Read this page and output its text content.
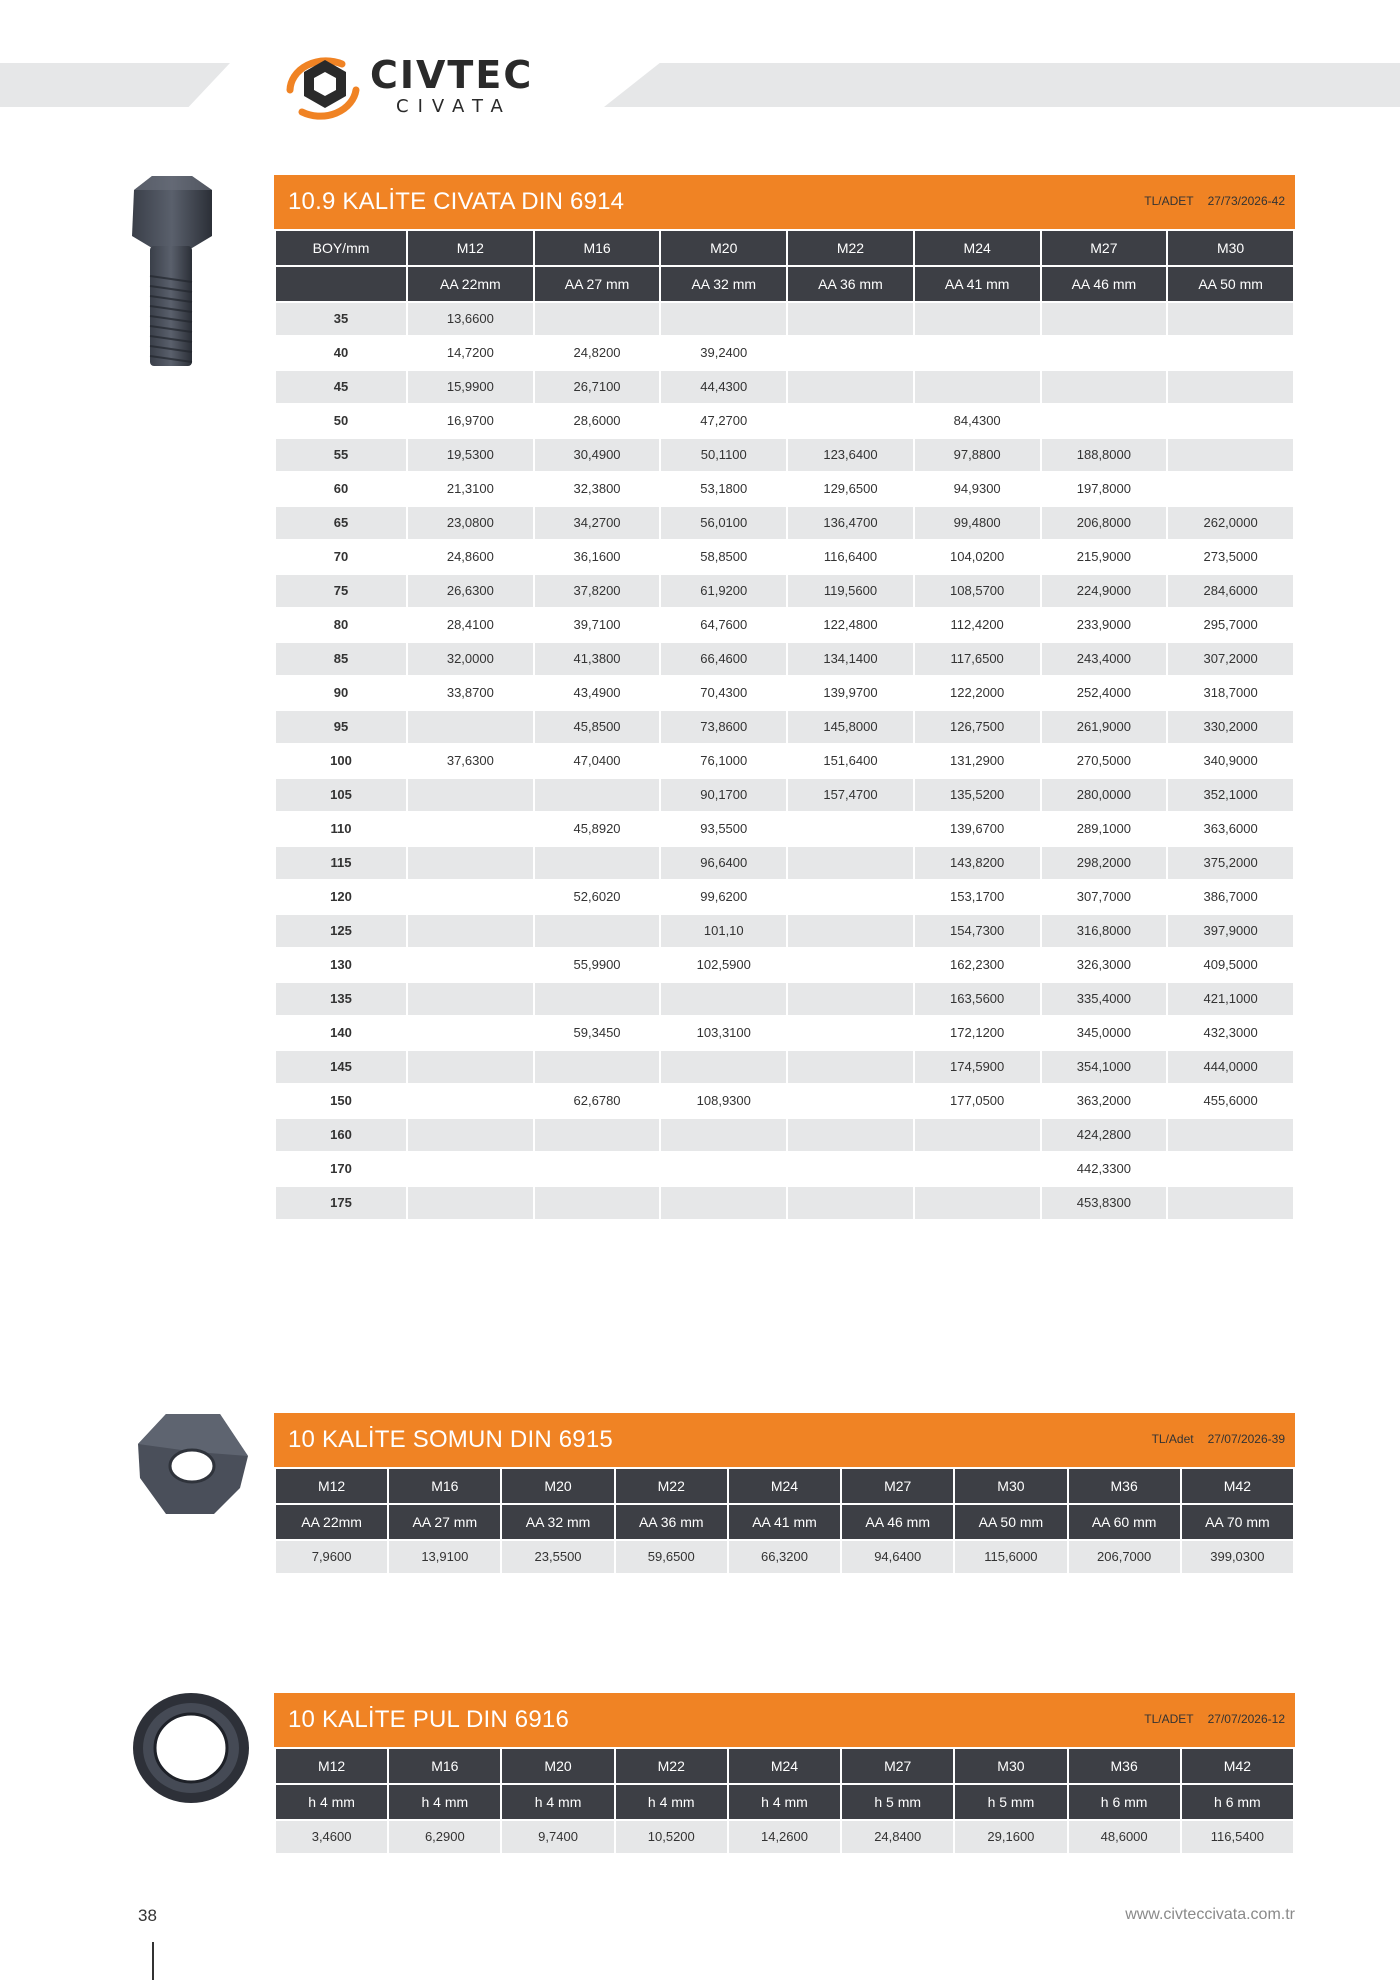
CIVTEC
CIVATA
10.9 KALİTE CIVATA DIN 6914	TL/ADET 27/73/2026-42
BOY/mm	M12	M16	M20	M22	M24	M27	M30
	AA 22mm	AA 27 mm	AA 32 mm	AA 36 mm	AA 41 mm	AA 46 mm	AA 50 mm
35	13,6600						
40	14,7200	24,8200	39,2400				
45	15,9900	26,7100	44,4300				
50	16,9700	28,6000	47,2700		84,4300		
55	19,5300	30,4900	50,1100	123,6400	97,8800	188,8000	
60	21,3100	32,3800	53,1800	129,6500	94,9300	197,8000	
65	23,0800	34,2700	56,0100	136,4700	99,4800	206,8000	262,0000
70	24,8600	36,1600	58,8500	116,6400	104,0200	215,9000	273,5000
75	26,6300	37,8200	61,9200	119,5600	108,5700	224,9000	284,6000
80	28,4100	39,7100	64,7600	122,4800	112,4200	233,9000	295,7000
85	32,0000	41,3800	66,4600	134,1400	117,6500	243,4000	307,2000
90	33,8700	43,4900	70,4300	139,9700	122,2000	252,4000	318,7000
95		45,8500	73,8600	145,8000	126,7500	261,9000	330,2000
100	37,6300	47,0400	76,1000	151,6400	131,2900	270,5000	340,9000
105			90,1700	157,4700	135,5200	280,0000	352,1000
110		45,8920	93,5500		139,6700	289,1000	363,6000
115			96,6400		143,8200	298,2000	375,2000
120		52,6020	99,6200		153,1700	307,7000	386,7000
125			101,10		154,7300	316,8000	397,9000
130		55,9900	102,5900		162,2300	326,3000	409,5000
135					163,5600	335,4000	421,1000
140		59,3450	103,3100		172,1200	345,0000	432,3000
145					174,5900	354,1000	444,0000
150		62,6780	108,9300		177,0500	363,2000	455,6000
160						424,2800	
170						442,3300	
175						453,8300	
10 KALİTE SOMUN DIN 6915	TL/Adet 27/07/2026-39
M12	M16	M20	M22	M24	M27	M30	M36	M42
AA 22mm	AA 27 mm	AA 32 mm	AA 36 mm	AA 41 mm	AA 46 mm	AA 50 mm	AA 60 mm	AA 70 mm
7,9600	13,9100	23,5500	59,6500	66,3200	94,6400	115,6000	206,7000	399,0300
10 KALİTE PUL DIN 6916	TL/ADET 27/07/2026-12
M12	M16	M20	M22	M24	M27	M30	M36	M42
h 4 mm	h 4 mm	h 4 mm	h 4 mm	h 4 mm	h 5 mm	h 5 mm	h 6 mm	h 6 mm
3,4600	6,2900	9,7400	10,5200	14,2600	24,8400	29,1600	48,6000	116,5400
38	www.civteccivata.com.tr
